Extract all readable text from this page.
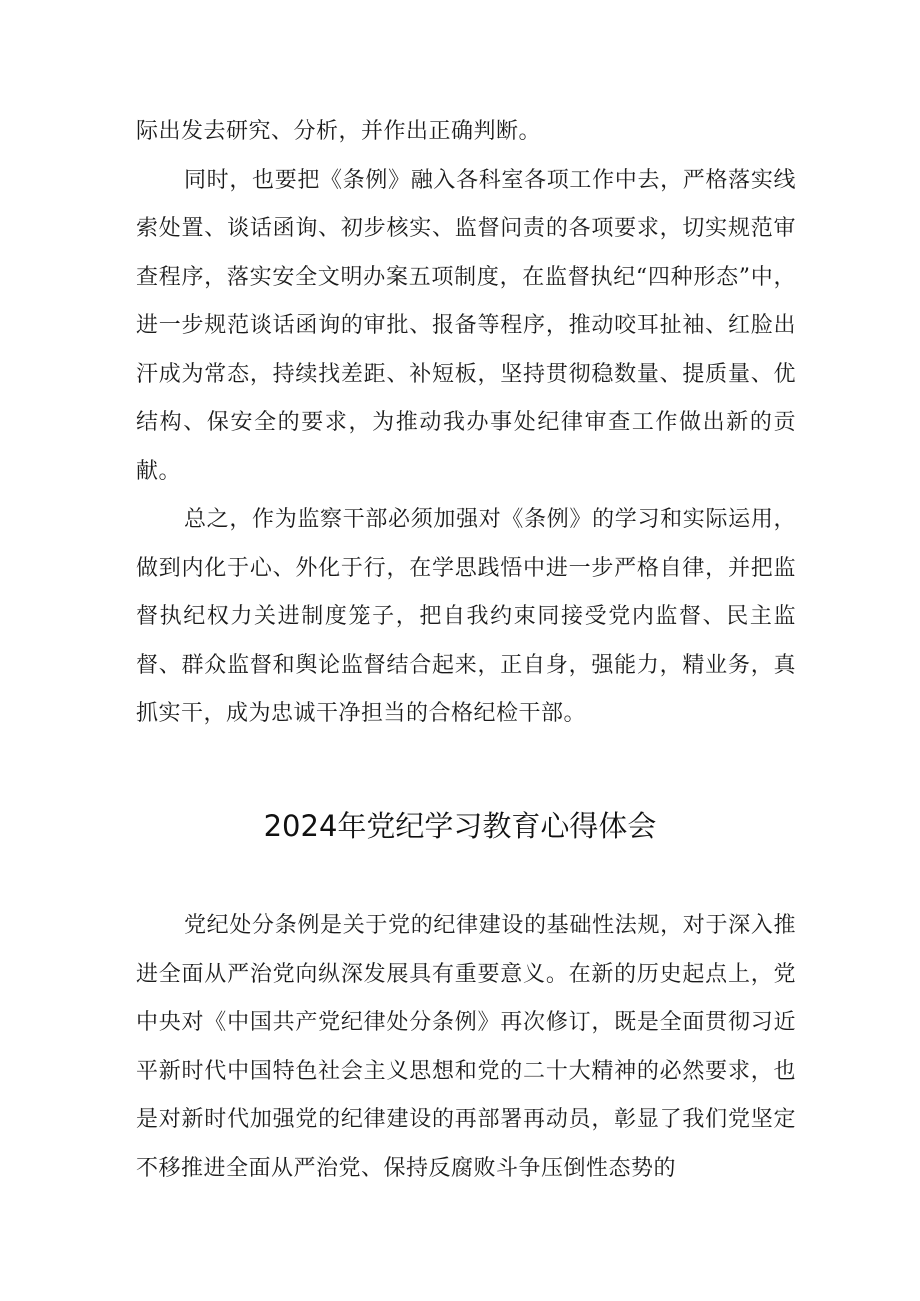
际出发去研究、分析，并作出正确判断。

同时，也要把《条例》融入各科室各项工作中去，严格落实线索处置、谈话函询、初步核实、监督问责的各项要求，切实规范审查程序，落实安全文明办案五项制度，在监督执纪“四种形态”中，进一步规范谈话函询的审批、报备等程序，推动咬耳扯袖、红脸出汗成为常态，持续找差距、补短板，坚持贯彻稳数量、提质量、优结构、保安全的要求，为推动我办事处纪律审查工作做出新的贡献。

总之，作为监察干部必须加强对《条例》的学习和实际运用，做到内化于心、外化于行，在学思践悟中进一步严格自律，并把监督执纪权力关进制度笼子，把自我约束同接受党内监督、民主监督、群众监督和舆论监督结合起来，正自身，强能力，精业务，真抓实干，成为忠诚干净担当的合格纪检干部。

2024年党纪学习教育心得体会

党纪处分条例是关于党的纪律建设的基础性法规，对于深入推进全面从严治党向纵深发展具有重要意义。在新的历史起点上，党中央对《中国共产党纪律处分条例》再次修订，既是全面贯彻习近平新时代中国特色社会主义思想和党的二十大精神的必然要求，也是对新时代加强党的纪律建设的再部署再动员，彰显了我们党坚定不移推进全面从严治党、保持反腐败斗争压倒性态势的
